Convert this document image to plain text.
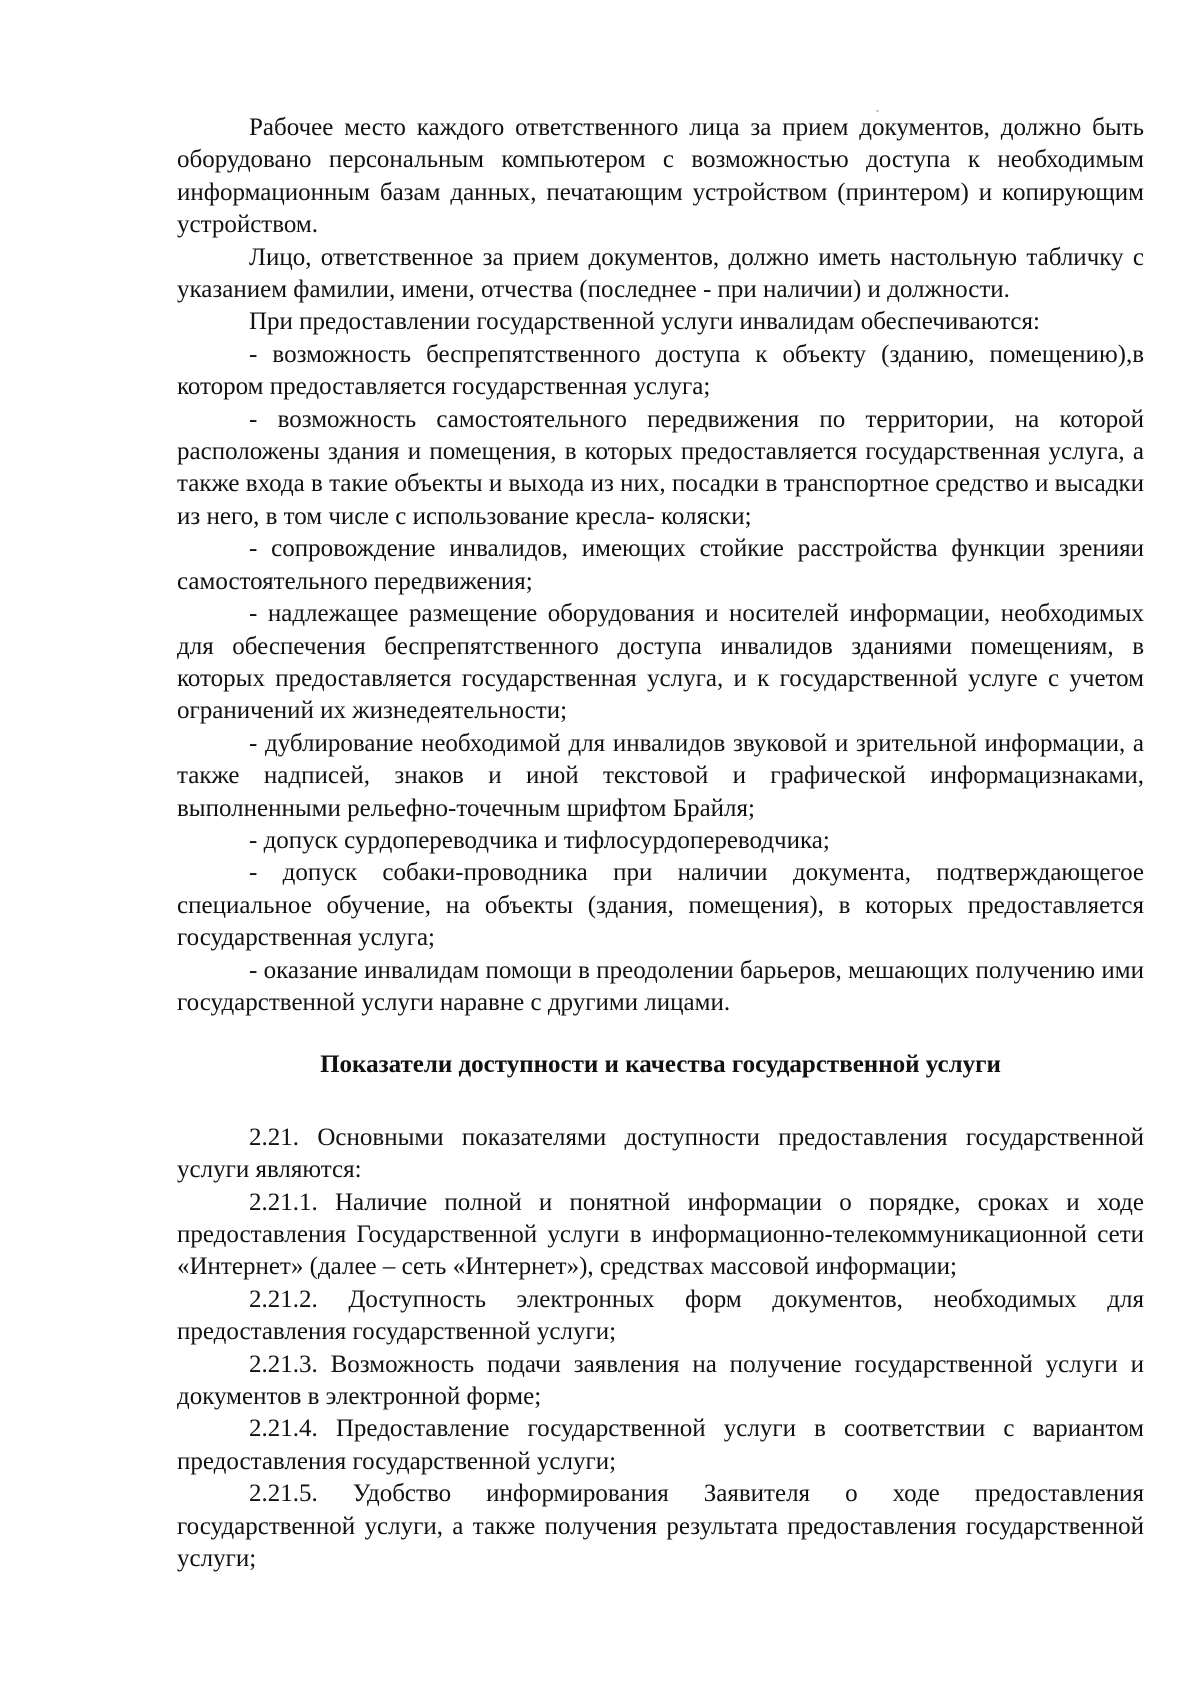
Рабочее место каждого ответственного лица за прием документов, должно быть оборудовано персональным компьютером с возможностью доступа к необходимым информационным базам данных, печатающим устройством (принтером) и копирующим устройством.

Лицо, ответственное за прием документов, должно иметь настольную табличку с указанием фамилии, имени, отчества (последнее - при наличии) и должности.

При предоставлении государственной услуги инвалидам обеспечиваются:

- возможность беспрепятственного доступа к объекту (зданию, помещению),в котором предоставляется государственная услуга;

- возможность самостоятельного передвижения по территории, на которой расположены здания и помещения, в которых предоставляется государственная услуга, а также входа в такие объекты и выхода из них, посадки в транспортное средство и высадки из него, в том числе с использование кресла- коляски;

- сопровождение инвалидов, имеющих стойкие расстройства функции зренияи самостоятельного передвижения;

- надлежащее размещение оборудования и носителей информации, необходимых для обеспечения беспрепятственного доступа инвалидов зданиями помещениям, в которых предоставляется государственная услуга, и к государственной услуге с учетом ограничений их жизнедеятельности;

- дублирование необходимой для инвалидов звуковой и зрительной информации, а также надписей, знаков и иной текстовой и графической информацизнаками, выполненными рельефно-точечным шрифтом Брайля;

- допуск сурдопереводчика и тифлосурдопереводчика;

- допуск собаки-проводника при наличии документа, подтверждающегое специальное обучение, на объекты (здания, помещения), в которых предоставляется государственная услуга;

- оказание инвалидам помощи в преодолении барьеров, мешающих получению ими государственной услуги наравне с другими лицами.

Показатели доступности и качества государственной услуги

2.21. Основными показателями доступности предоставления государственной услуги являются:

2.21.1. Наличие полной и понятной информации о порядке, сроках и ходе предоставления Государственной услуги в информационно-телекоммуникационной сети «Интернет» (далее – сеть «Интернет»), средствах массовой информации;

2.21.2. Доступность электронных форм документов, необходимых для предоставления государственной услуги;

2.21.3. Возможность подачи заявления на получение государственной услуги и документов в электронной форме;

2.21.4. Предоставление государственной услуги в соответствии с вариантом предоставления государственной услуги;

2.21.5. Удобство информирования Заявителя о ходе предоставления государственной услуги, а также получения результата предоставления государственной услуги;
